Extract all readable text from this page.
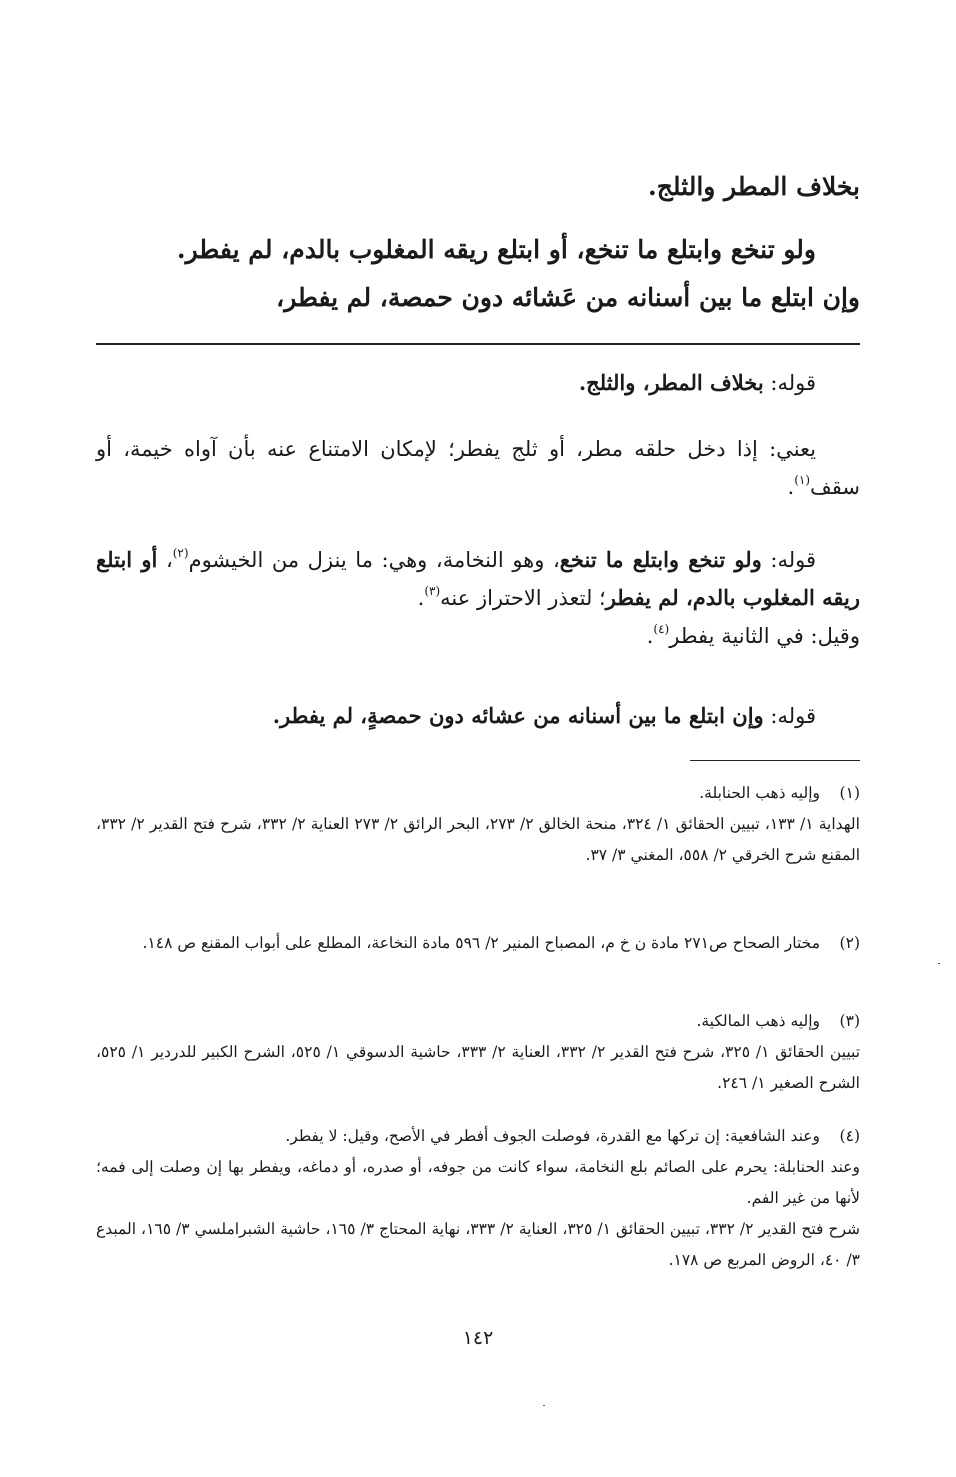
بخلاف المطر والثلج.
ولو تنخع وابتلع ما تنخع، أو ابتلع ريقه المغلوب بالدم، لم يفطر.
وإن ابتلع ما بين أسنانه من عَشائه دون حمصة، لم يفطر،
قوله: بخلاف المطر، والثلج.
يعني: إذا دخل حلقه مطر، أو ثلج يفطر؛ لإمكان الامتناع عنه بأن آواه خيمة، أو سقف$^{(١)}$.
قوله: ولو تنخع وابتلع ما تنخع، وهو النخامة، وهي: ما ينزل من الخيشوم$^{(٢)}$، أو ابتلع ريقه المغلوب بالدم، لم يفطر؛ لتعذر الاحتراز عنه$^{(٣)}$.
وقيل: في الثانية يفطر$^{(٤)}$.
قوله: وإن ابتلع ما بين أسنانه من عشائه دون حمصةٍ، لم يفطر.
(١)
وإليه ذهب الحنابلة.
الهداية ١/ ١٣٣، تبيين الحقائق ١/ ٣٢٤، منحة الخالق ٢/ ٢٧٣، البحر الرائق ٢/ ٢٧٣ العناية ٢/ ٣٣٢، شرح فتح القدير ٢/ ٣٣٢، المقنع شرح الخرقي ٢/ ٥٥٨، المغني ٣/ ٣٧.
(٢)
مختار الصحاح ص٢٧١ مادة ن خ م، المصباح المنير ٢/ ٥٩٦ مادة النخاعة، المطلع على أبواب المقنع ص ١٤٨.
(٣)
وإليه ذهب المالكية.
تبيين الحقائق ١/ ٣٢٥، شرح فتح القدير ٢/ ٣٣٢، العناية ٢/ ٣٣٣، حاشية الدسوقي ١/ ٥٢٥، الشرح الكبير للدردير ١/ ٥٢٥، الشرح الصغير ١/ ٢٤٦.
(٤)
وعند الشافعية: إن تركها مع القدرة، فوصلت الجوف أفطر في الأصح، وقيل: لا يفطر.
وعند الحنابلة: يحرم على الصائم بلع النخامة، سواء كانت من جوفه، أو صدره، أو دماغه، ويفطر بها إن وصلت إلى فمه؛ لأنها من غير الفم.
شرح فتح القدير ٢/ ٣٣٢، تبيين الحقائق ١/ ٣٢٥، العناية ٢/ ٣٣٣، نهاية المحتاج ٣/ ١٦٥، حاشية الشبراملسي ٣/ ١٦٥، المبدع ٣/ ٤٠، الروض المربع ص ١٧٨.
١٤٢
